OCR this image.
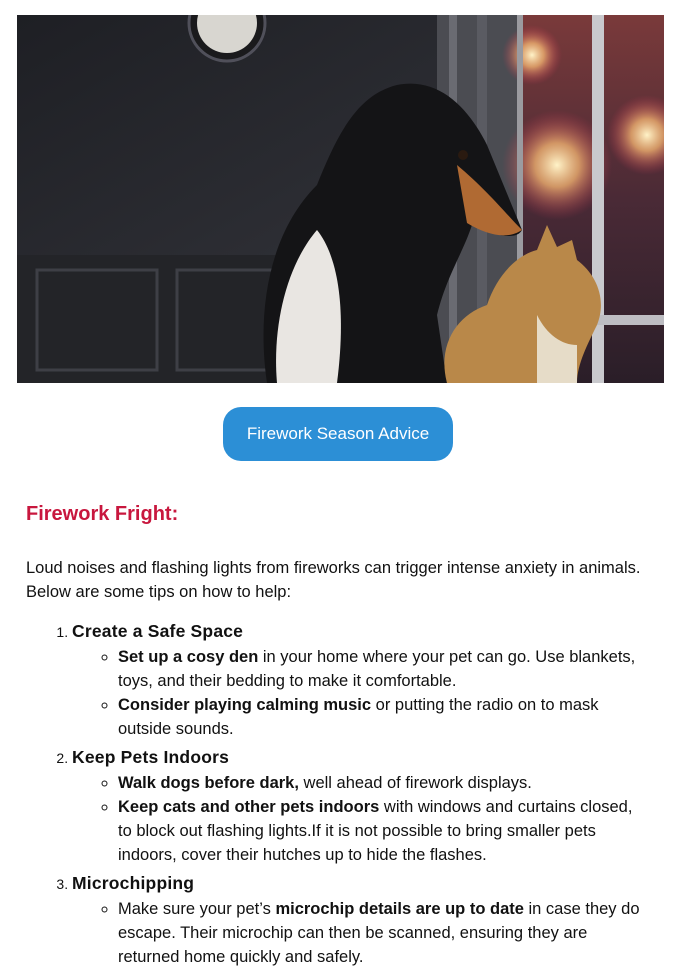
Firework Season Advice
Firework Fright:

Loud noises and flashing lights from fireworks can trigger intense anxiety in animals. Below are some tips on how to help:

1. Create a Safe Space
◦ Set up a cosy den in your home where your pet can go. Use blankets, toys, and their bedding to make it comfortable.
◦ Consider playing calming music or putting the radio on to mask outside sounds.
2. Keep Pets Indoors
◦ Walk dogs before dark, well ahead of firework displays.
◦ Keep cats and other pets indoors with windows and curtains closed, to block out flashing lights.If it is not possible to bring smaller pets indoors, cover their hutches up to hide the flashes.
3. Microchipping
◦ Make sure your pet’s microchip details are up to date in case they do escape. Their microchip can then be scanned, ensuring they are returned home quickly and safely.
